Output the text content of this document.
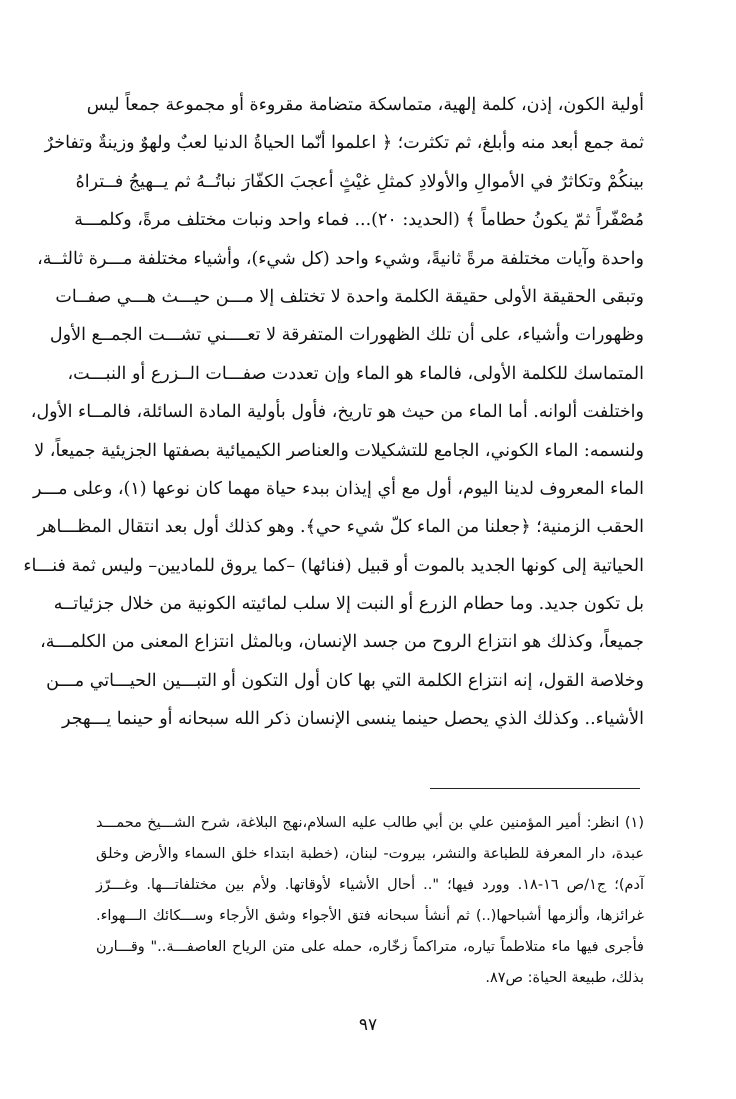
أولية الكون، إذن، كلمة إلهية، متماسكة متضامة مقروءة أو مجموعة جمعاً ليس
ثمة جمع أبعد منه وأبلغ، ثم تكثرت؛ ﴿ اعلموا أنّما الحياةُ الدنيا لعبٌ ولهوٌ وزينةٌ وتفاخرٌ
بينكُمْ وتكاثرٌ في الأموالِ والأولادِ كمثلِ غيْثٍ أعجبَ الكفّارَ نباتُــهُ ثم يــهيجُ فــتراهُ
مُصْفّراً ثمّ يكونُ حطاماً ﴾ (الحديد: ٢٠)... فماء واحد ونبات مختلف مرةً، وكلمـــة
واحدة وآيات مختلفة مرةً ثانيةً، وشيء واحد (كل شيء)، وأشياء مختلفة مـــرة ثالثــة،
وتبقى الحقيقة الأولى حقيقة الكلمة واحدة لا تختلف إلا مـــن حيـــث هـــي صفــات
وظهورات وأشياء، على أن تلك الظهورات المتفرقة لا تعــــني تشـــت الجمــع الأول
المتماسك للكلمة الأولى، فالماء هو الماء وإن تعددت صفـــات الــزرع أو النبـــت،
واختلفت ألوانه. أما الماء من حيث هو تاريخ، فأول بأولية المادة السائلة، فالمــاء الأول،
ولنسمه: الماء الكوني، الجامع للتشكيلات والعناصر الكيميائية بصفتها الجزيئية جميعاً، لا
الماء المعروف لدينا اليوم، أول مع أي إيذان ببدء حياة مهما كان نوعها (١)، وعلى مـــر
الحقب الزمنية؛ ﴿جعلنا من الماء كلّ شيء حي﴾. وهو كذلك أول بعد انتقال المظـــاهر
الحياتية إلى كونها الجديد بالموت أو قبيل (فنائها) –كما يروق للماديين– وليس ثمة فنـــاء
بل تكون جديد. وما حطام الزرع أو النبت إلا سلب لمائيته الكونية من خلال جزئياتــه
جميعاً، وكذلك هو انتزاع الروح من جسد الإنسان، وبالمثل انتزاع المعنى من الكلمـــة،
وخلاصة القول، إنه انتزاع الكلمة التي بها كان أول التكون أو التبـــين الحيـــاتي مـــن
الأشياء.. وكذلك الذي يحصل حينما ينسى الإنسان ذكر الله سبحانه أو حينما يـــهجر
(١) انظر: أمير المؤمنين علي بن أبي طالب عليه السلام،نهج البلاغة، شرح الشـــيخ محمـــد
عبدة، دار المعرفة للطباعة والنشر، بيروت- لبنان، (خطبة ابتداء خلق السماء والأرض وخلق
آدم)؛ ج١/ص ١٦-١٨. وورد فيها؛ ".. أحال الأشياء لأوقاتها. ولأم بين مختلفاتـــها. وغـــرّز
غرائزها، وألزمها أشباحها(..) ثم أنشأ سبحانه فتق الأجواء وشق الأرجاء وســـكائك الـــهواء.
فأجرى فيها ماء متلاطماً تياره، متراكماً زخّاره، حمله على متن الرياح العاصفـــة.." وقـــارن
بذلك، طبيعة الحياة: ص٨٧.
٩٧
